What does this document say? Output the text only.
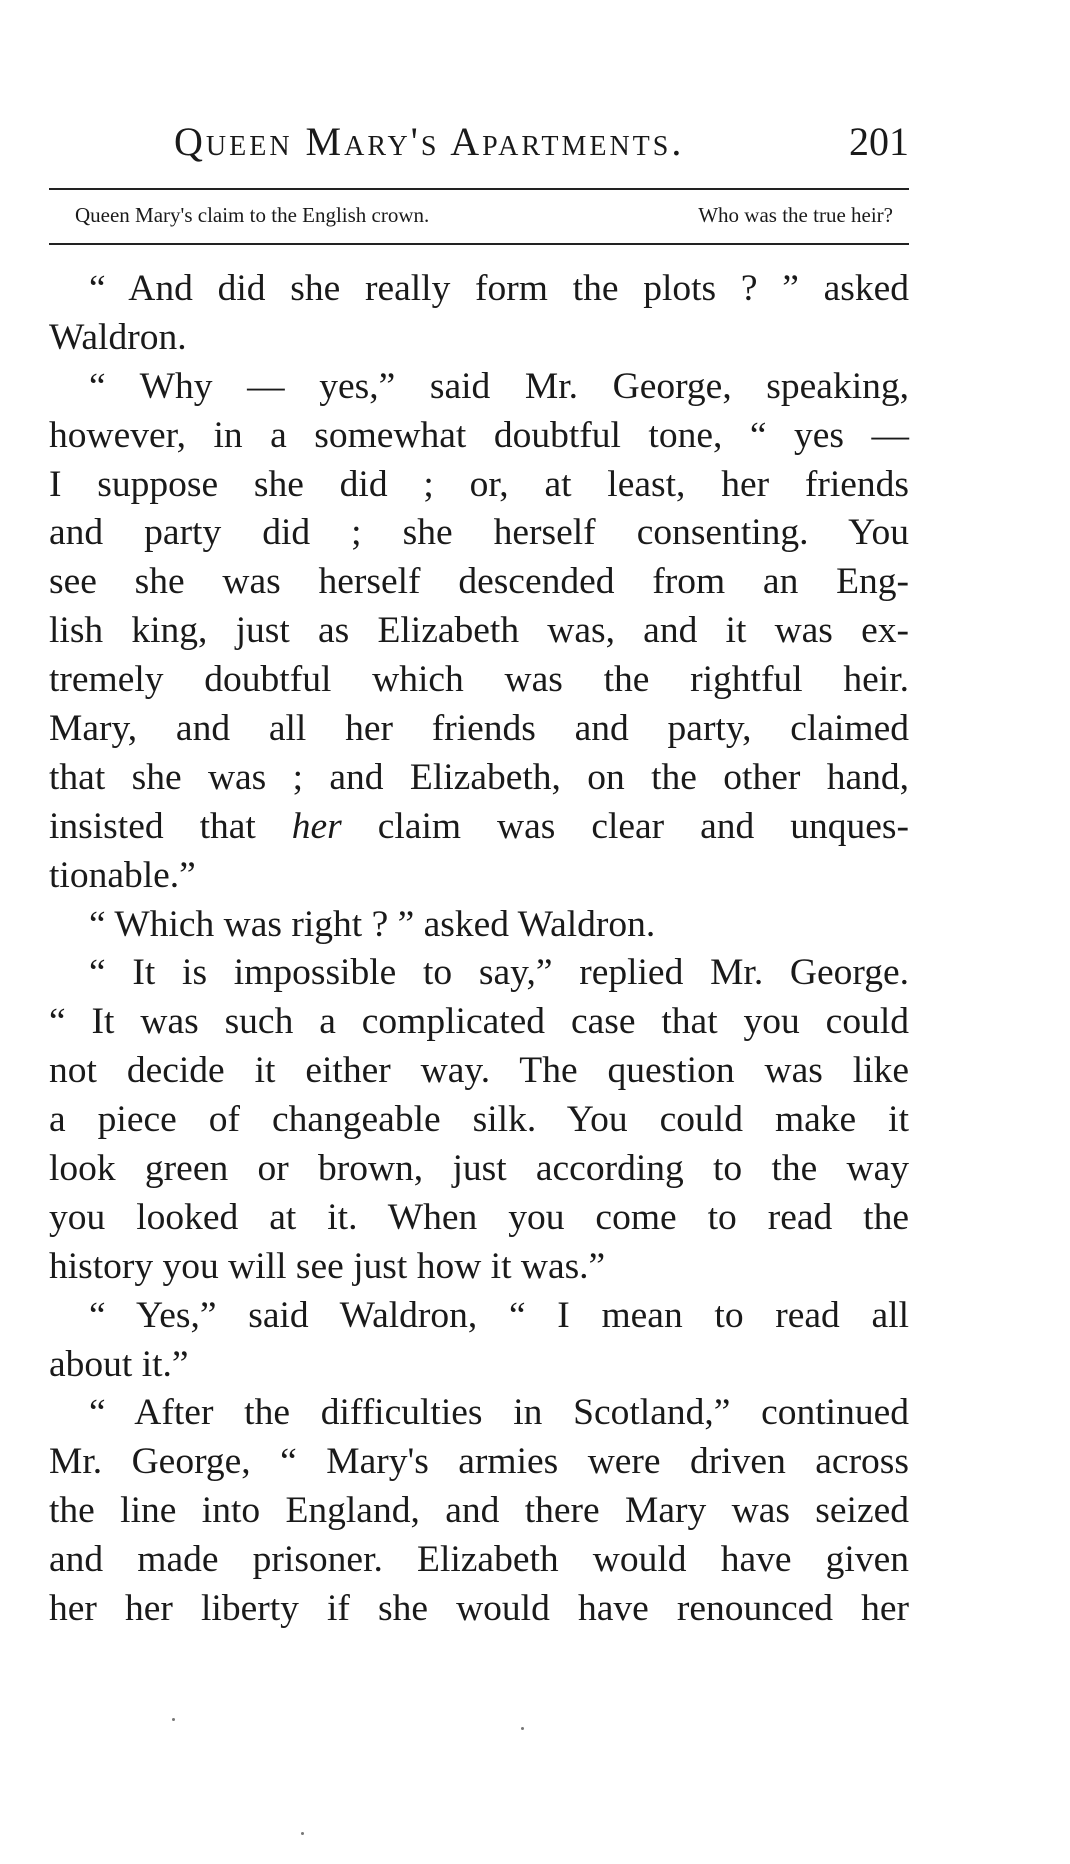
Queen Mary's Apartments.	201
Queen Mary's claim to the English crown.	Who was the true heir?
“ And did she really form the plots ? ” asked
Waldron.
“ Why — yes,” said Mr. George, speaking,
however, in a somewhat doubtful tone, “ yes —
I suppose she did ; or, at least, her friends
and party did ; she herself consenting. You
see she was herself descended from an Eng-
lish king, just as Elizabeth was, and it was ex-
tremely doubtful which was the rightful heir.
Mary, and all her friends and party, claimed
that she was ; and Elizabeth, on the other hand,
insisted that her claim was clear and unques-
tionable.”
“ Which was right ? ” asked Waldron.
“ It is impossible to say,” replied Mr. George.
“ It was such a complicated case that you could
not decide it either way. The question was like
a piece of changeable silk. You could make it
look green or brown, just according to the way
you looked at it. When you come to read the
history you will see just how it was.”
“ Yes,” said Waldron, “ I mean to read all
about it.”
“ After the difficulties in Scotland,” continued
Mr. George, “ Mary's armies were driven across
the line into England, and there Mary was seized
and made prisoner. Elizabeth would have given
her her liberty if she would have renounced her
